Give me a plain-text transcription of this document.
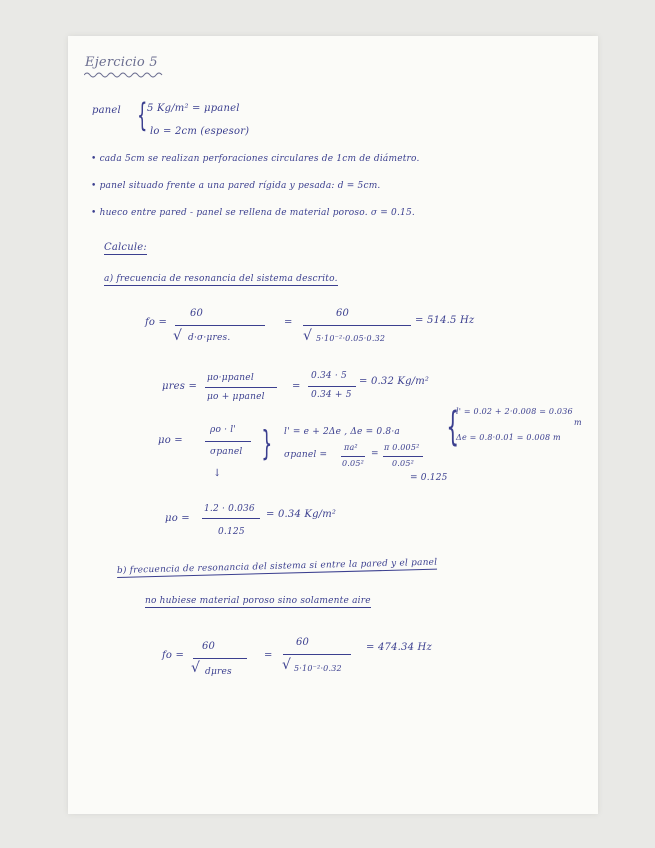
Ejercicio 5
panel { 5 Kg/m² = μpanel
lo = 2cm (espesor)
• cada 5cm se realizan perforaciones circulares de 1cm de diámetro.
• panel situado frente a una pared rígida y pesada: d = 5cm.
• hueco entre pared - panel se rellena de material poroso. σ = 0.15.
Calcule:
a) frecuencia de resonancia del sistema descrito.
fo =
60
√ d·σ·μres.
=
60
√ 5·10⁻²·0.05·0.32
= 514.5 Hz
μres =
μo·μpanel
μo + μpanel
=
0.34 · 5
0.34 + 5
= 0.32 Kg/m²
μo =
ρo · l'
σpanel } l' = e + 2Δe , Δe = 0.8·a
σpanel =
πa²
0.05²
=
π 0.005²
0.05²
= 0.125
{
l' = 0.02 + 2·0.008 = 0.036
m
Δe = 0.8·0.01 = 0.008 m
↓
μo =
1.2 · 0.036
0.125
= 0.34 Kg/m²
b) frecuencia de resonancia del sistema si entre la pared y el panel
no hubiese material poroso sino solamente aire
fo =
60
√ dμres
=
60
√ 5·10⁻²·0.32
= 474.34 Hz
